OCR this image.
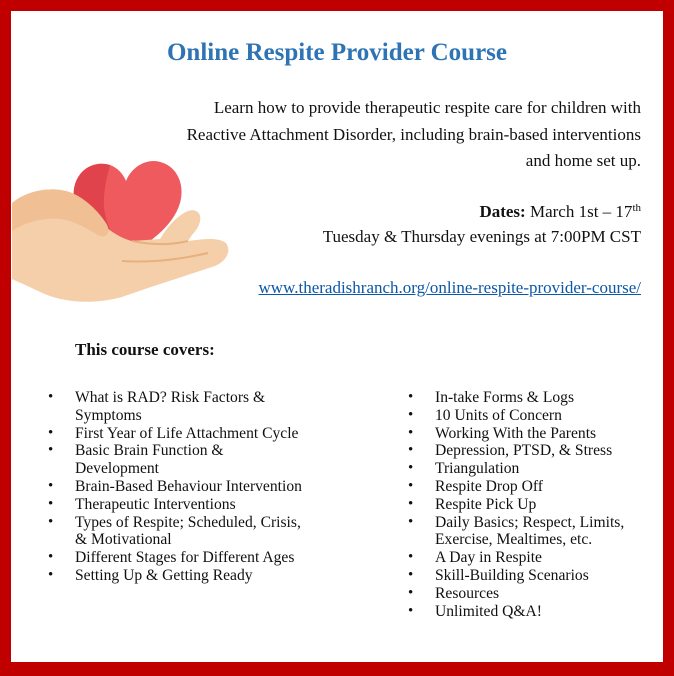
Online Respite Provider Course

Learn how to provide therapeutic respite care for children with Reactive Attachment Disorder, including brain-based interventions and home set up.

Dates: March 1st – 17th

Tuesday & Thursday evenings at 7:00PM CST

www.theradishranch.org/online-respite-provider-course/

This course covers:

• What is RAD? Risk Factors & Symptoms
• First Year of Life Attachment Cycle
• Basic Brain Function & Development
• Brain-Based Behaviour Intervention
• Therapeutic Interventions
• Types of Respite; Scheduled, Crisis, & Motivational
• Different Stages for Different Ages
• Setting Up & Getting Ready
• In-take Forms & Logs
• 10 Units of Concern
• Working With the Parents
• Depression, PTSD, & Stress
• Triangulation
• Respite Drop Off
• Respite Pick Up
• Daily Basics; Respect, Limits, Exercise, Mealtimes, etc.
• A Day in Respite
• Skill-Building Scenarios
• Resources
• Unlimited Q&A!
